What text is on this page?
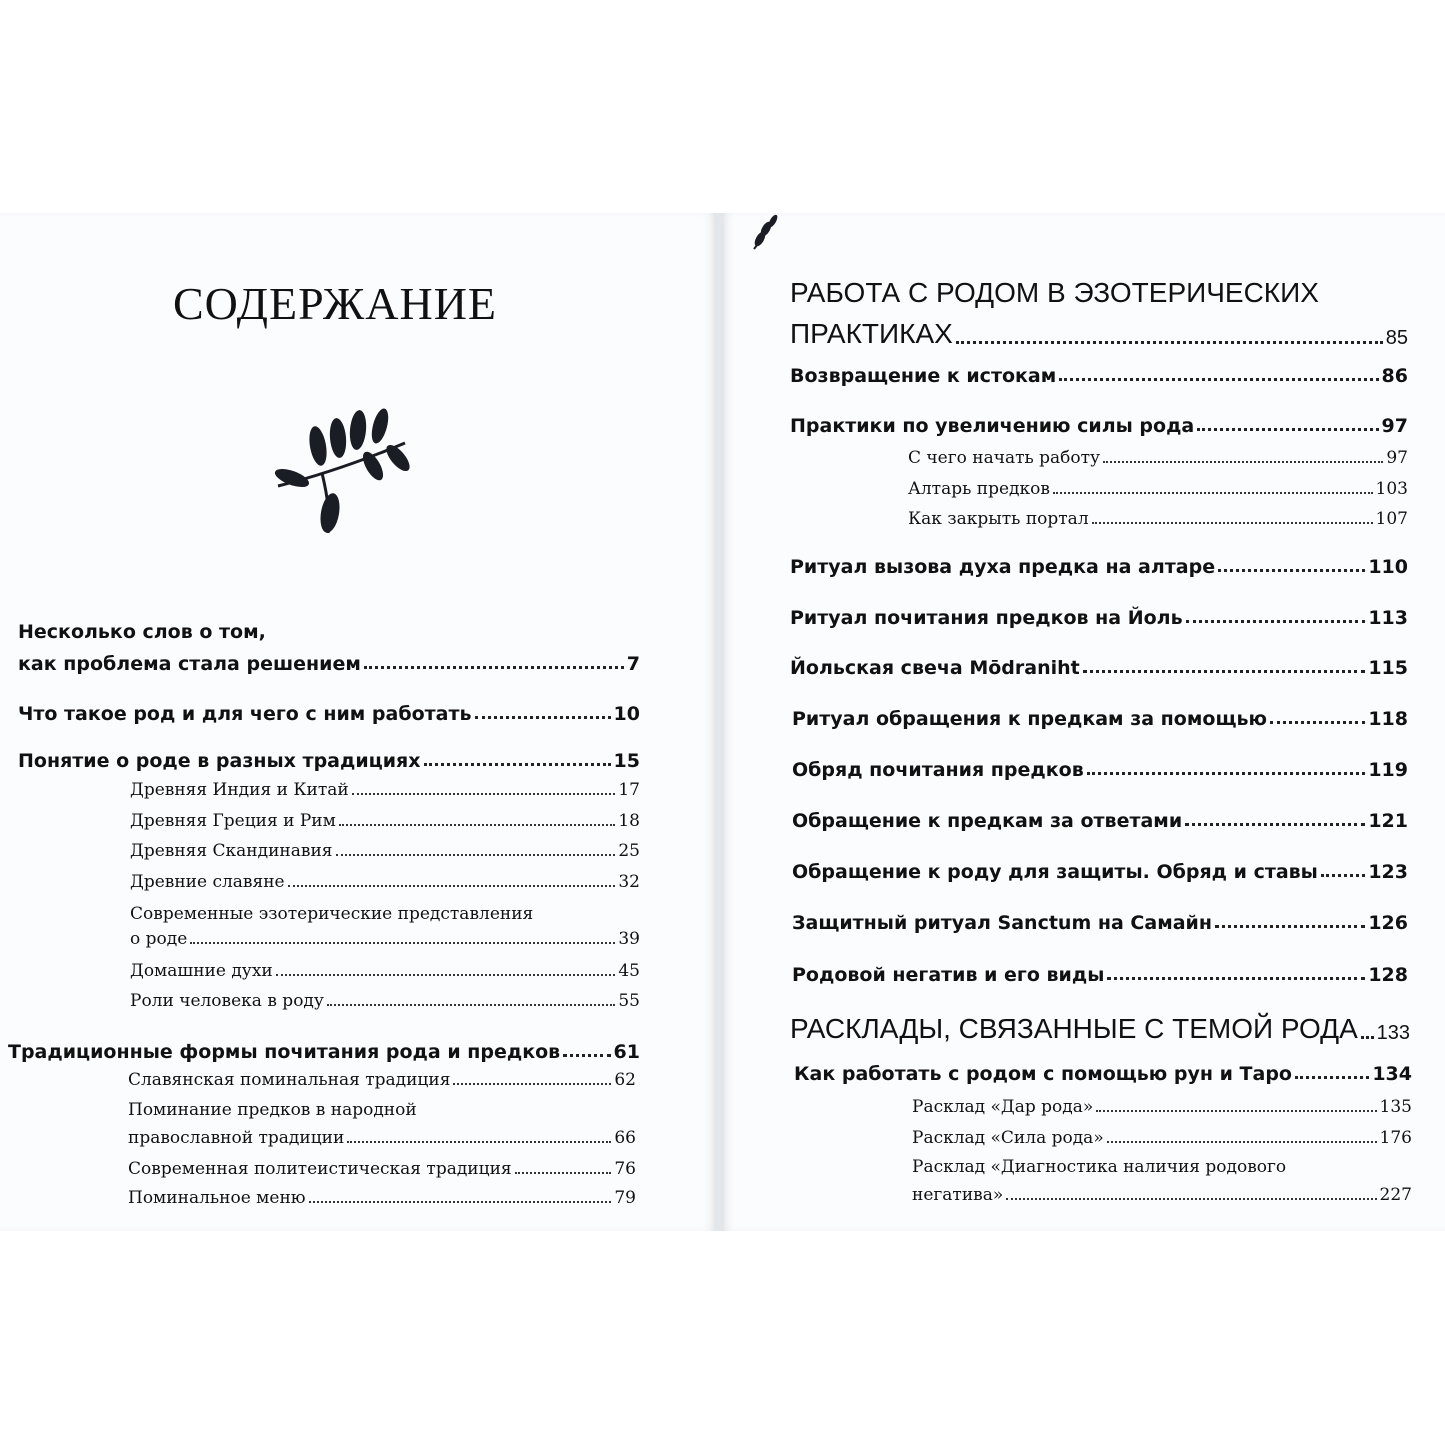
СОДЕРЖАНИЕ
Несколько слов о том,
как проблема стала решением	7
Что такое род и для чего с ним работать	10
Понятие о роде в разных традициях	15
Древняя Индия и Китай	17
Древняя Греция и Рим	18
Древняя Скандинавия	25
Древние славяне	32
Современные эзотерические представления
о роде	39
Домашние духи	45
Роли человека в роду	55
Традиционные формы почитания рода и предков	61
Славянская поминальная традиция	62
Поминание предков в народной
православной традиции	66
Современная политеистическая традиция	76
Поминальное меню	79
РАБОТА С РОДОМ В ЭЗОТЕРИЧЕСКИХ
ПРАКТИКАХ	85
Возвращение к истокам	86
Практики по увеличению силы рода	97
С чего начать работу	97
Алтарь предков	103
Как закрыть портал	107
Ритуал вызова духа предка на алтаре	110
Ритуал почитания предков на Йоль	113
Йольская свеча Mōdraniht	115
Ритуал обращения к предкам за помощью	118
Обряд почитания предков	119
Обращение к предкам за ответами	121
Обращение к роду для защиты. Обряд и ставы	123
Защитный ритуал Sanctum на Самайн	126
Родовой негатив и его виды	128
РАСКЛАДЫ, СВЯЗАННЫЕ С ТЕМОЙ РОДА 133
Как работать с родом с помощью рун и Таро	134
Расклад «Дар рода»	135
Расклад «Сила рода»	176
Расклад «Диагностика наличия родового
негатива»	227
